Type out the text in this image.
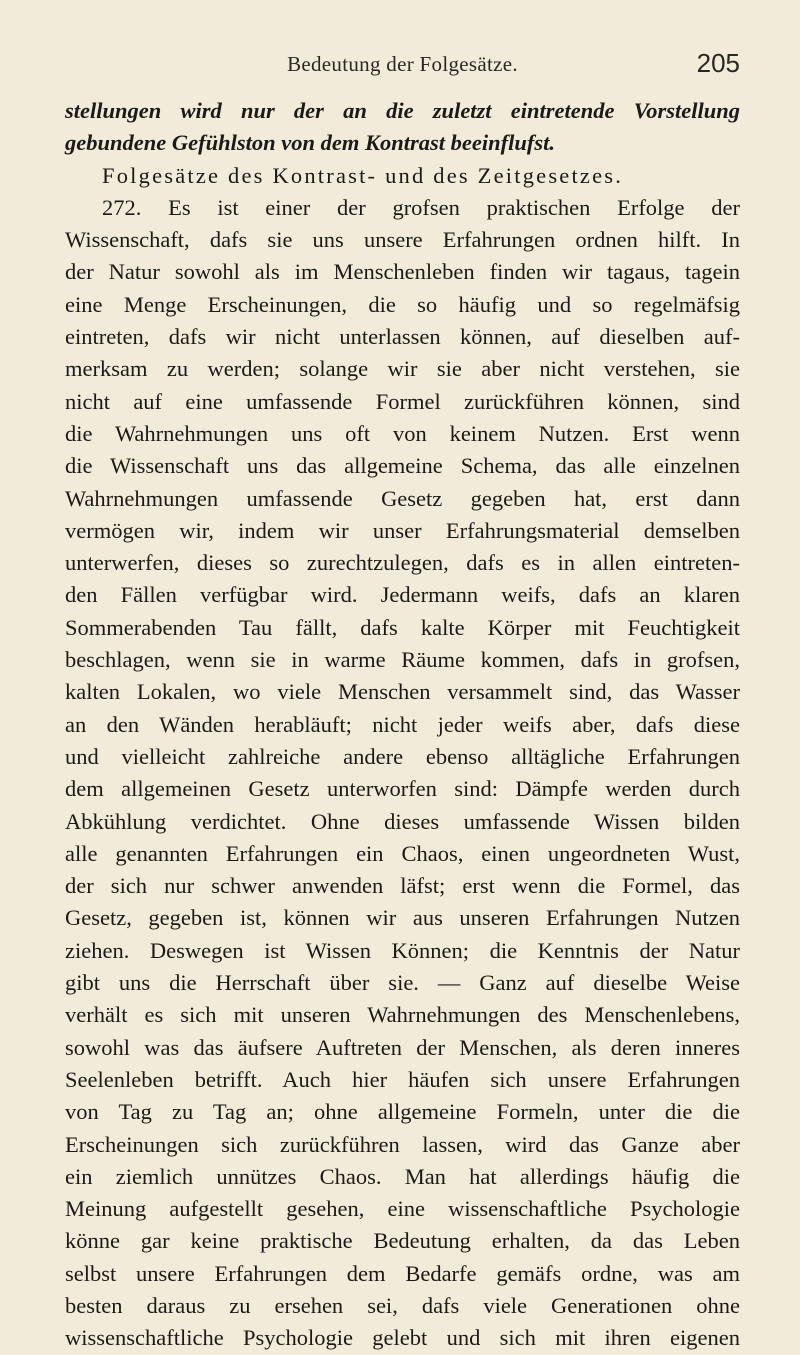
Bedeutung der Folgesätze.	205
stellungen wird nur der an die zuletzt eintretende Vorstellung
gebundene Gefühlston von dem Kontrast beeinflufst.
Folgesätze des Kontrast- und des Zeitgesetzes.
272. Es ist einer der grofsen praktischen Erfolge der
Wissenschaft, dafs sie uns unsere Erfahrungen ordnen hilft. In
der Natur sowohl als im Menschenleben finden wir tagaus, tagein
eine Menge Erscheinungen, die so häufig und so regelmäfsig
eintreten, dafs wir nicht unterlassen können, auf dieselben auf-
merksam zu werden; solange wir sie aber nicht verstehen, sie
nicht auf eine umfassende Formel zurückführen können, sind
die Wahrnehmungen uns oft von keinem Nutzen. Erst wenn
die Wissenschaft uns das allgemeine Schema, das alle einzelnen
Wahrnehmungen umfassende Gesetz gegeben hat, erst dann
vermögen wir, indem wir unser Erfahrungsmaterial demselben
unterwerfen, dieses so zurechtzulegen, dafs es in allen eintreten-
den Fällen verfügbar wird. Jedermann weifs, dafs an klaren
Sommerabenden Tau fällt, dafs kalte Körper mit Feuchtigkeit
beschlagen, wenn sie in warme Räume kommen, dafs in grofsen,
kalten Lokalen, wo viele Menschen versammelt sind, das Wasser
an den Wänden herabläuft; nicht jeder weifs aber, dafs diese
und vielleicht zahlreiche andere ebenso alltägliche Erfahrungen
dem allgemeinen Gesetz unterworfen sind: Dämpfe werden durch
Abkühlung verdichtet. Ohne dieses umfassende Wissen bilden
alle genannten Erfahrungen ein Chaos, einen ungeordneten Wust,
der sich nur schwer anwenden läfst; erst wenn die Formel, das
Gesetz, gegeben ist, können wir aus unseren Erfahrungen Nutzen
ziehen. Deswegen ist Wissen Können; die Kenntnis der Natur
gibt uns die Herrschaft über sie. — Ganz auf dieselbe Weise
verhält es sich mit unseren Wahrnehmungen des Menschenlebens,
sowohl was das äufsere Auftreten der Menschen, als deren inneres
Seelenleben betrifft. Auch hier häufen sich unsere Erfahrungen
von Tag zu Tag an; ohne allgemeine Formeln, unter die die
Erscheinungen sich zurückführen lassen, wird das Ganze aber
ein ziemlich unnützes Chaos. Man hat allerdings häufig die
Meinung aufgestellt gesehen, eine wissenschaftliche Psychologie
könne gar keine praktische Bedeutung erhalten, da das Leben
selbst unsere Erfahrungen dem Bedarfe gemäfs ordne, was am
besten daraus zu ersehen sei, dafs viele Generationen ohne
wissenschaftliche Psychologie gelebt und sich mit ihren eigenen
